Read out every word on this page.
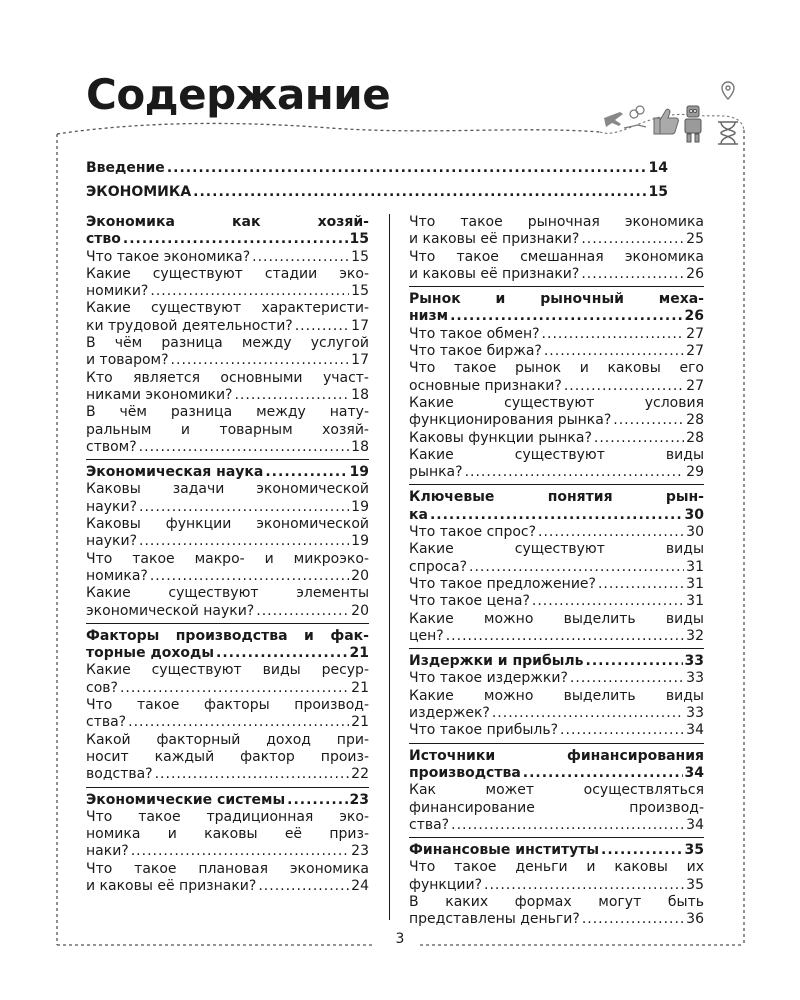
Содержание
Введение .....	14
ЭКОНОМИКА .....	15
Экономика как хозяй-
ство .....	15
Что такое экономика? .....	15
Какие существуют стадии эко-
номики? .....	15
Какие существуют характеристи-
ки трудовой деятельности? .....	17
В чём разница между услугой
и товаром? .....	17
Кто является основными участ-
никами экономики? .....	18
В чём разница между нату-
ральным и товарным хозяй-
ством? .....	18
Экономическая наука .....	19
Каковы задачи экономической
науки? .....	19
Каковы функции экономической
науки? .....	19
Что такое макро- и микроэко-
номика? .....	20
Какие существуют элементы
экономической науки? .....	20
Факторы производства и фак-
торные доходы .....	21
Какие существуют виды ресур-
сов? .....	21
Что такое факторы производ-
ства? .....	21
Какой факторный доход при-
носит каждый фактор произ-
водства? .....	22
Экономические системы .....	23
Что такое традиционная эко-
номика и каковы её приз-
наки? .....	23
Что такое плановая экономика
и каковы её признаки? .....	24
Что такое рыночная экономика
и каковы её признаки? .....	25
Что такое смешанная экономика
и каковы её признаки? .....	26
Рынок и рыночный меха-
низм .....	26
Что такое обмен? .....	27
Что такое биржа? .....	27
Что такое рынок и каковы его
основные признаки? .....	27
Какие существуют условия
функционирования рынка? .....	28
Каковы функции рынка? .....	28
Какие существуют виды
рынка? .....	29
Ключевые понятия рын-
ка .....	30
Что такое спрос? .....	30
Какие существуют виды
спроса? .....	31
Что такое предложение? .....	31
Что такое цена? .....	31
Какие можно выделить виды
цен? .....	32
Издержки и прибыль .....	33
Что такое издержки? .....	33
Какие можно выделить виды
издержек? .....	33
Что такое прибыль? .....	34
Источники финансирования
производства .....	34
Как может осуществляться
финансирование производ-
ства? .....	34
Финансовые институты .....	35
Что такое деньги и каковы их
функции? .....	35
В каких формах могут быть
представлены деньги? .....	36
3
